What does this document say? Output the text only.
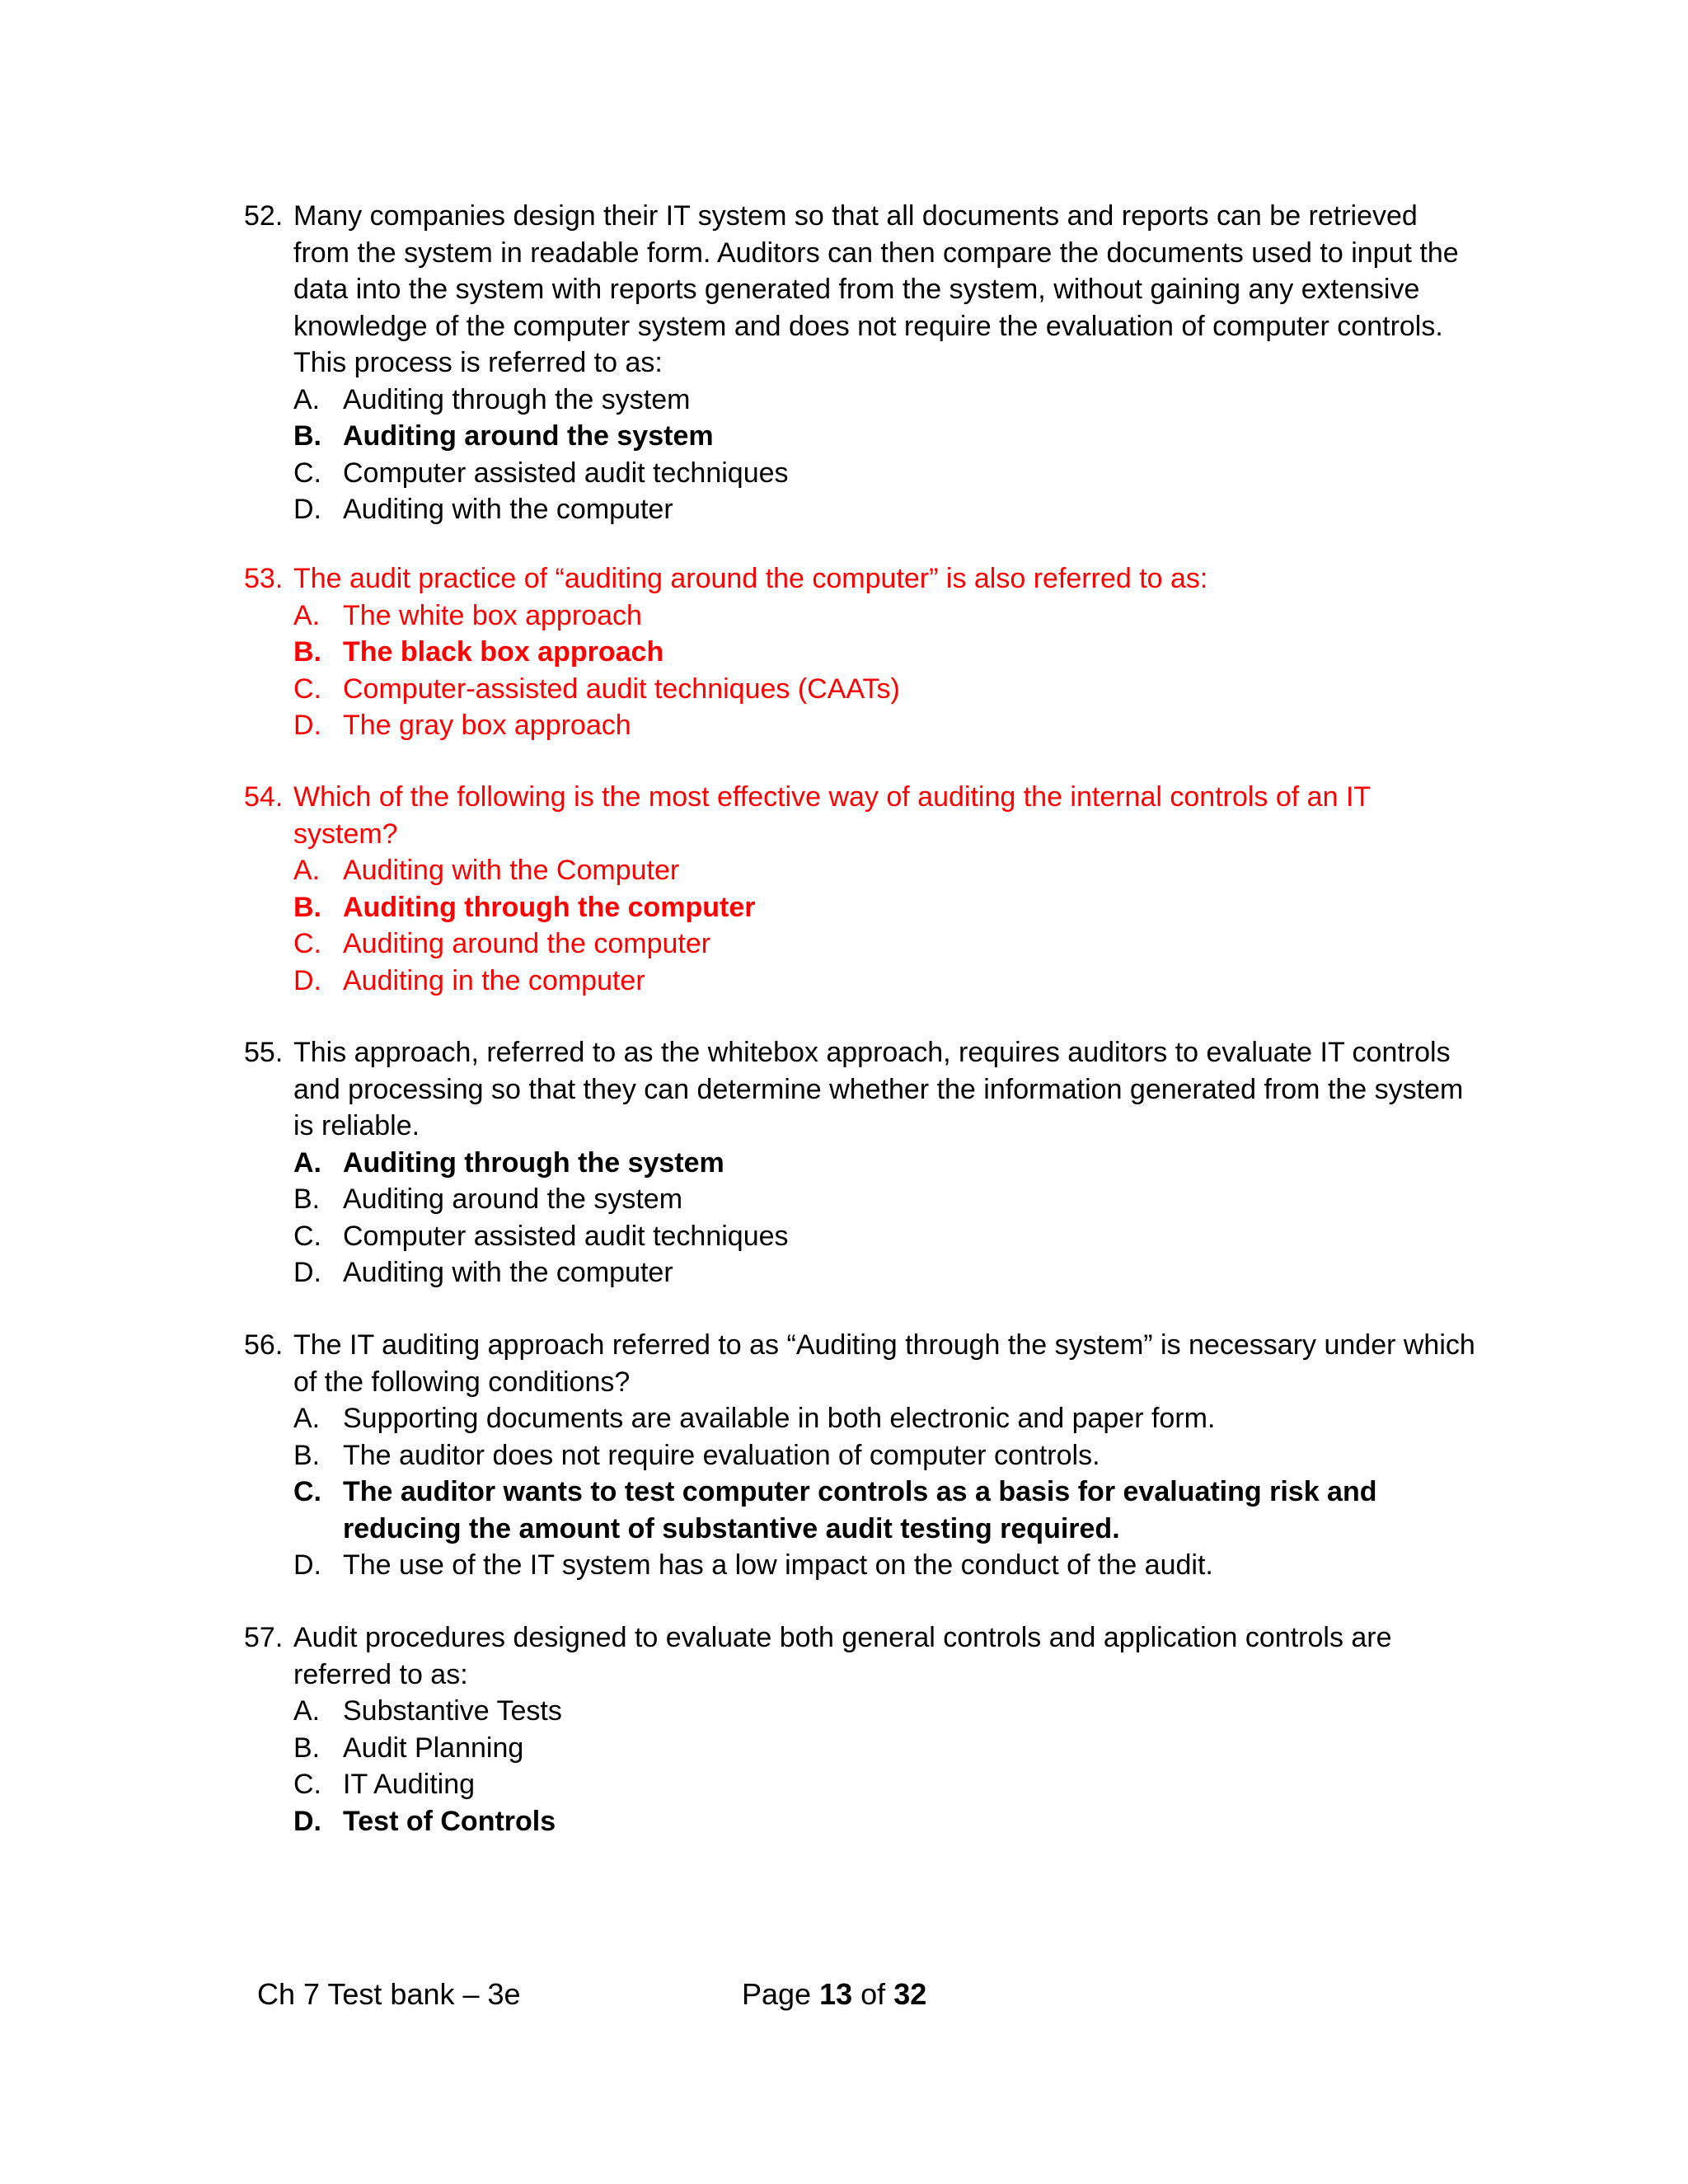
52. Many companies design their IT system so that all documents and reports can be retrieved from the system in readable form. Auditors can then compare the documents used to input the data into the system with reports generated from the system, without gaining any extensive knowledge of the computer system and does not require the evaluation of computer controls. This process is referred to as:
A. Auditing through the system
B. Auditing around the system
C. Computer assisted audit techniques
D. Auditing with the computer
53. The audit practice of “auditing around the computer” is also referred to as:
A. The white box approach
B. The black box approach
C. Computer-assisted audit techniques (CAATs)
D. The gray box approach
54. Which of the following is the most effective way of auditing the internal controls of an IT system?
A. Auditing with the Computer
B. Auditing through the computer
C. Auditing around the computer
D. Auditing in the computer
55. This approach, referred to as the whitebox approach, requires auditors to evaluate IT controls and processing so that they can determine whether the information generated from the system is reliable.
A. Auditing through the system
B. Auditing around the system
C. Computer assisted audit techniques
D. Auditing with the computer
56. The IT auditing approach referred to as “Auditing through the system” is necessary under which of the following conditions?
A. Supporting documents are available in both electronic and paper form.
B. The auditor does not require evaluation of computer controls.
C. The auditor wants to test computer controls as a basis for evaluating risk and reducing the amount of substantive audit testing required.
D. The use of the IT system has a low impact on the conduct of the audit.
57. Audit procedures designed to evaluate both general controls and application controls are referred to as:
A. Substantive Tests
B. Audit Planning
C. IT Auditing
D. Test of Controls
Ch 7 Test bank – 3e	Page 13 of 32
